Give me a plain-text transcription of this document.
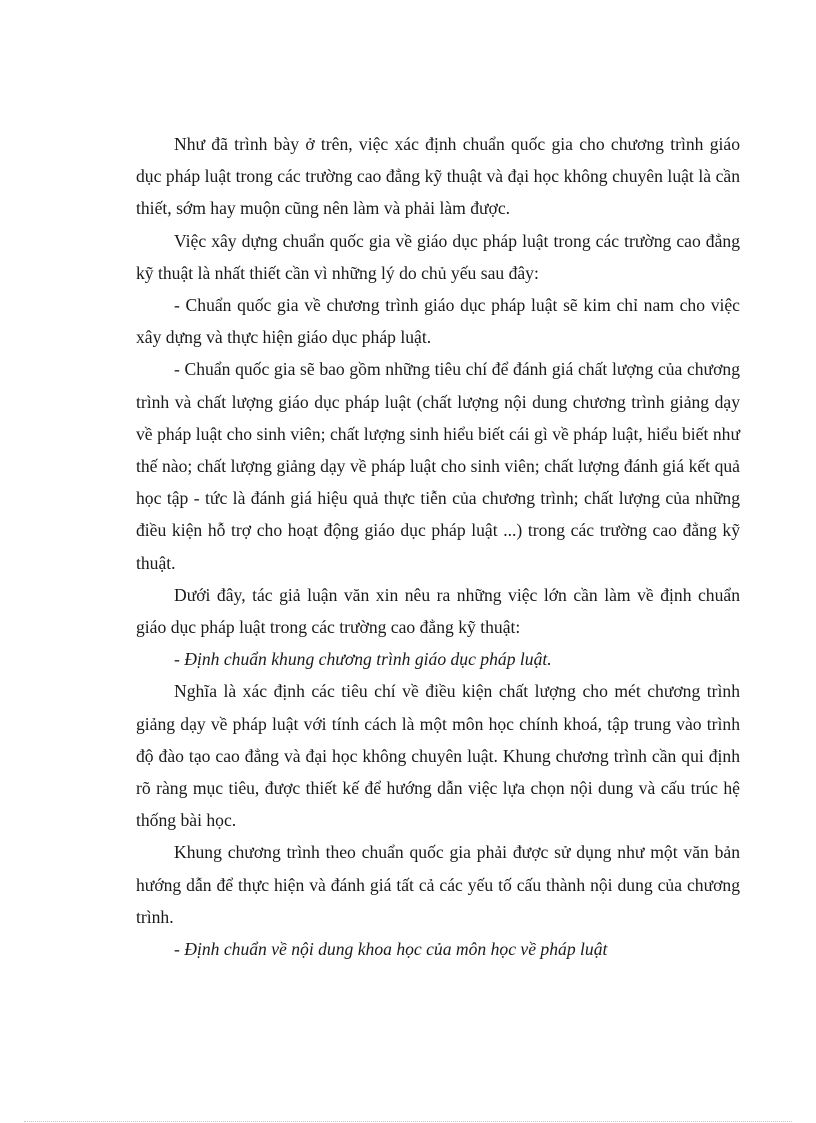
Như đã trình bày ở trên, việc xác định chuẩn quốc gia cho chương trình giáo dục pháp luật trong các trường cao đẳng kỹ thuật và đại học không chuyên luật là cần thiết, sớm hay muộn cũng nên làm và phải làm được.

Việc xây dựng chuẩn quốc gia về giáo dục pháp luật trong các trường cao đẳng kỹ thuật là nhất thiết cần vì những lý do chủ yếu sau đây:

- Chuẩn quốc gia về chương trình giáo dục pháp luật sẽ kim chỉ nam cho việc xây dựng và thực hiện giáo dục pháp luật.

- Chuẩn quốc gia sẽ bao gồm những tiêu chí để đánh giá chất lượng của chương trình và chất lượng giáo dục pháp luật (chất lượng nội dung chương trình giảng dạy về pháp luật cho sinh viên; chất lượng sinh hiểu biết cái gì về pháp luật, hiểu biết như thế nào; chất lượng giảng dạy về pháp luật cho sinh viên; chất lượng đánh giá kết quả học tập - tức là đánh giá hiệu quả thực tiễn của chương trình; chất lượng của những điều kiện hỗ trợ cho hoạt động giáo dục pháp luật ...) trong các trường cao đẳng kỹ thuật.

Dưới đây, tác giả luận văn xin nêu ra những việc lớn cần làm về định chuẩn giáo dục pháp luật trong các trường cao đẳng kỹ thuật:

- Định chuẩn khung chương trình giáo dục pháp luật.

Nghĩa là xác định các tiêu chí về điều kiện chất lượng cho mét chương trình giảng dạy về pháp luật với tính cách là một môn học chính khoá, tập trung vào trình độ đào tạo cao đẳng và đại học không chuyên luật. Khung chương trình cần qui định rõ ràng mục tiêu, được thiết kế để hướng dẫn việc lựa chọn nội dung và cấu trúc hệ thống bài học.

Khung chương trình theo chuẩn quốc gia phải được sử dụng như một văn bản hướng dẫn để thực hiện và đánh giá tất cả các yếu tố cấu thành nội dung của chương trình.

- Định chuẩn về nội dung khoa học của môn học về pháp luật
